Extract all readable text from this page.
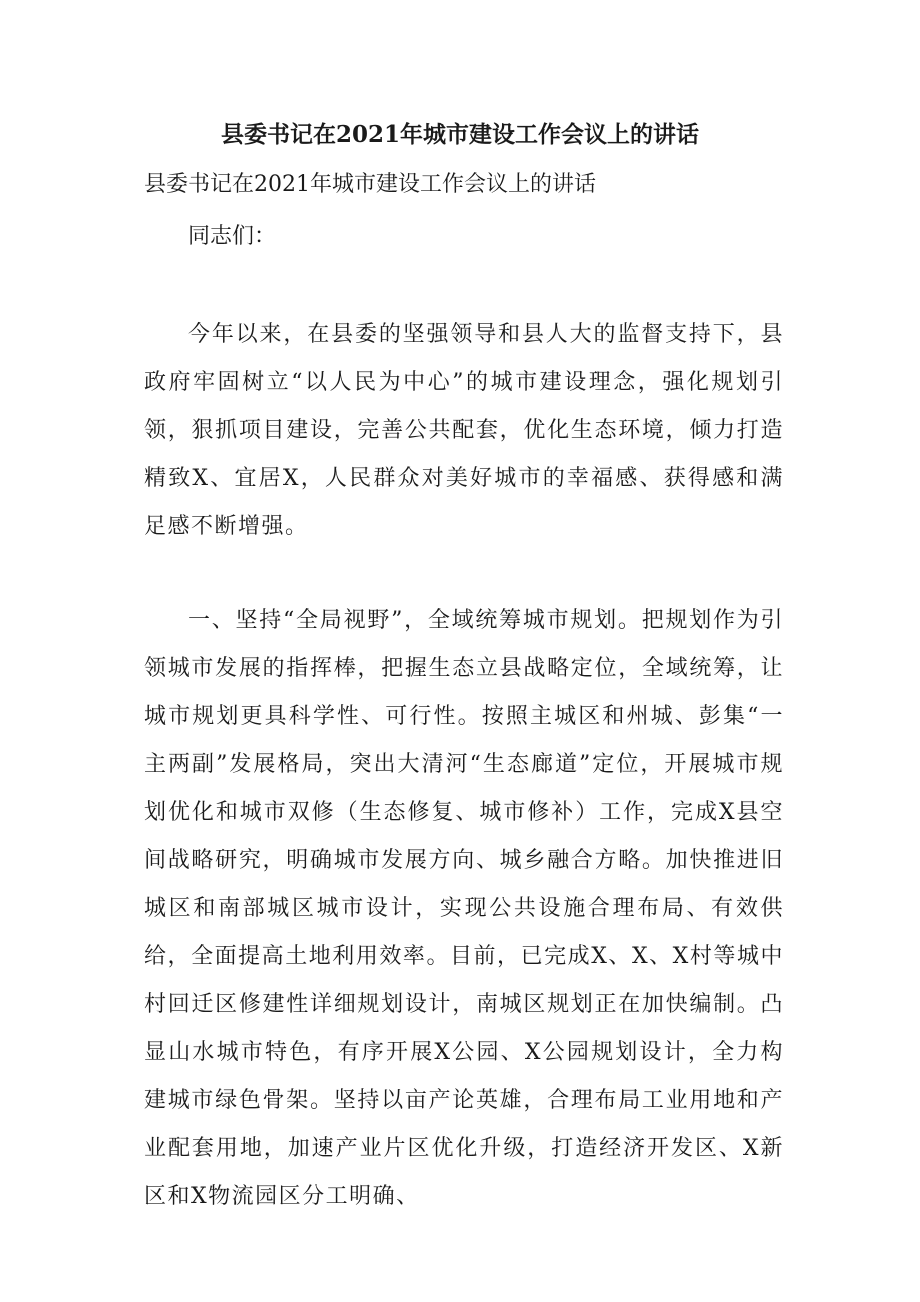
县委书记在2021年城市建设工作会议上的讲话

县委书记在2021年城市建设工作会议上的讲话

同志们：

今年以来，在县委的坚强领导和县人大的监督支持下，县政府牢固树立“以人民为中心”的城市建设理念，强化规划引领，狠抓项目建设，完善公共配套，优化生态环境，倾力打造精致X、宜居X，人民群众对美好城市的幸福感、获得感和满足感不断增强。

一、坚持“全局视野”，全域统筹城市规划。把规划作为引领城市发展的指挥棒，把握生态立县战略定位，全域统筹，让城市规划更具科学性、可行性。按照主城区和州城、彭集“一主两副”发展格局，突出大清河“生态廊道”定位，开展城市规划优化和城市双修（生态修复、城市修补）工作，完成X县空间战略研究，明确城市发展方向、城乡融合方略。加快推进旧城区和南部城区城市设计，实现公共设施合理布局、有效供给，全面提高土地利用效率。目前，已完成X、X、X村等城中村回迁区修建性详细规划设计，南城区规划正在加快编制。凸显山水城市特色，有序开展X公园、X公园规划设计，全力构建城市绿色骨架。坚持以亩产论英雄，合理布局工业用地和产业配套用地，加速产业片区优化升级，打造经济开发区、X新区和X物流园区分工明确、
